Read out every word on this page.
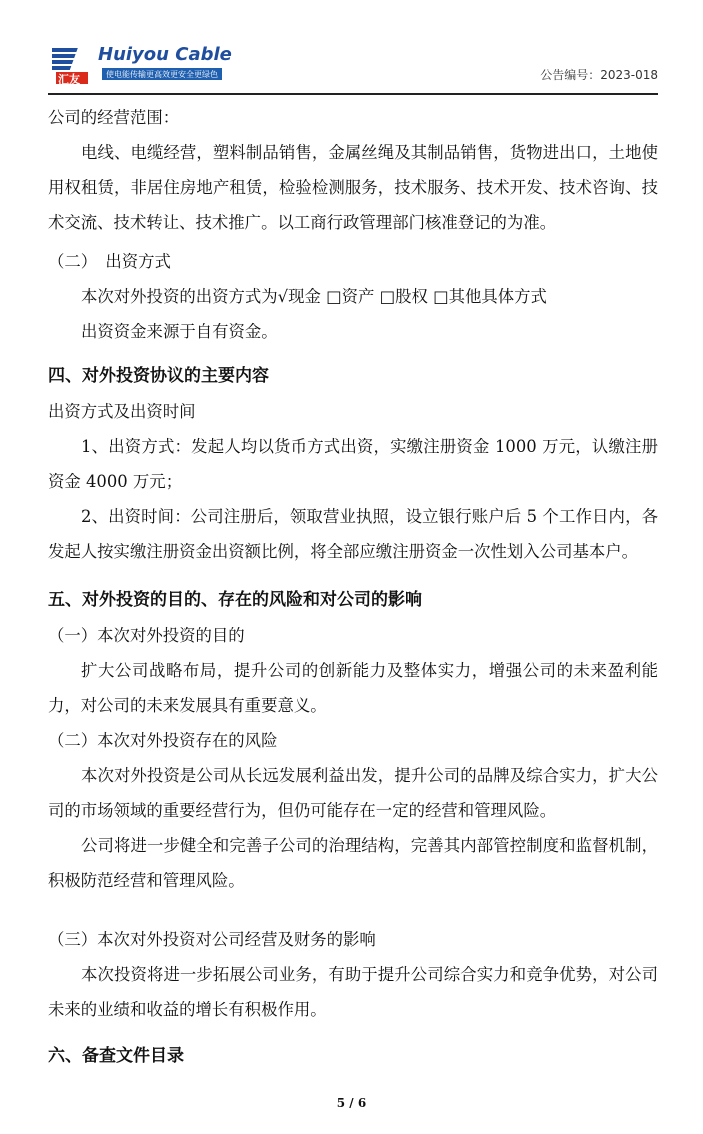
Huiyou Cable
汇友	使电能传输更高效更安全更绿色	公告编号：2023-018

公司的经营范围：

电线、电缆经营，塑料制品销售，金属丝绳及其制品销售，货物进出口，土地使用权租赁，非居住房地产租赁，检验检测服务，技术服务、技术开发、技术咨询、技术交流、技术转让、技术推广。以工商行政管理部门核准登记的为准。

（二）　出资方式

本次对外投资的出资方式为√现金 □资产 □股权 □其他具体方式

出资资金来源于自有资金。

四、对外投资协议的主要内容

出资方式及出资时间

1、出资方式：发起人均以货币方式出资，实缴注册资金 1000 万元，认缴注册资金 4000 万元；

2、出资时间：公司注册后，领取营业执照，设立银行账户后 5 个工作日内，各发起人按实缴注册资金出资额比例，将全部应缴注册资金一次性划入公司基本户。

五、对外投资的目的、存在的风险和对公司的影响

（一）本次对外投资的目的

扩大公司战略布局，提升公司的创新能力及整体实力，增强公司的未来盈利能力，对公司的未来发展具有重要意义。

（二）本次对外投资存在的风险

本次对外投资是公司从长远发展利益出发，提升公司的品牌及综合实力，扩大公司的市场领域的重要经营行为，但仍可能存在一定的经营和管理风险。

公司将进一步健全和完善子公司的治理结构，完善其内部管控制度和监督机制，积极防范经营和管理风险。

（三）本次对外投资对公司经营及财务的影响

本次投资将进一步拓展公司业务，有助于提升公司综合实力和竞争优势，对公司未来的业绩和收益的增长有积极作用。

六、备查文件目录

5 / 6
